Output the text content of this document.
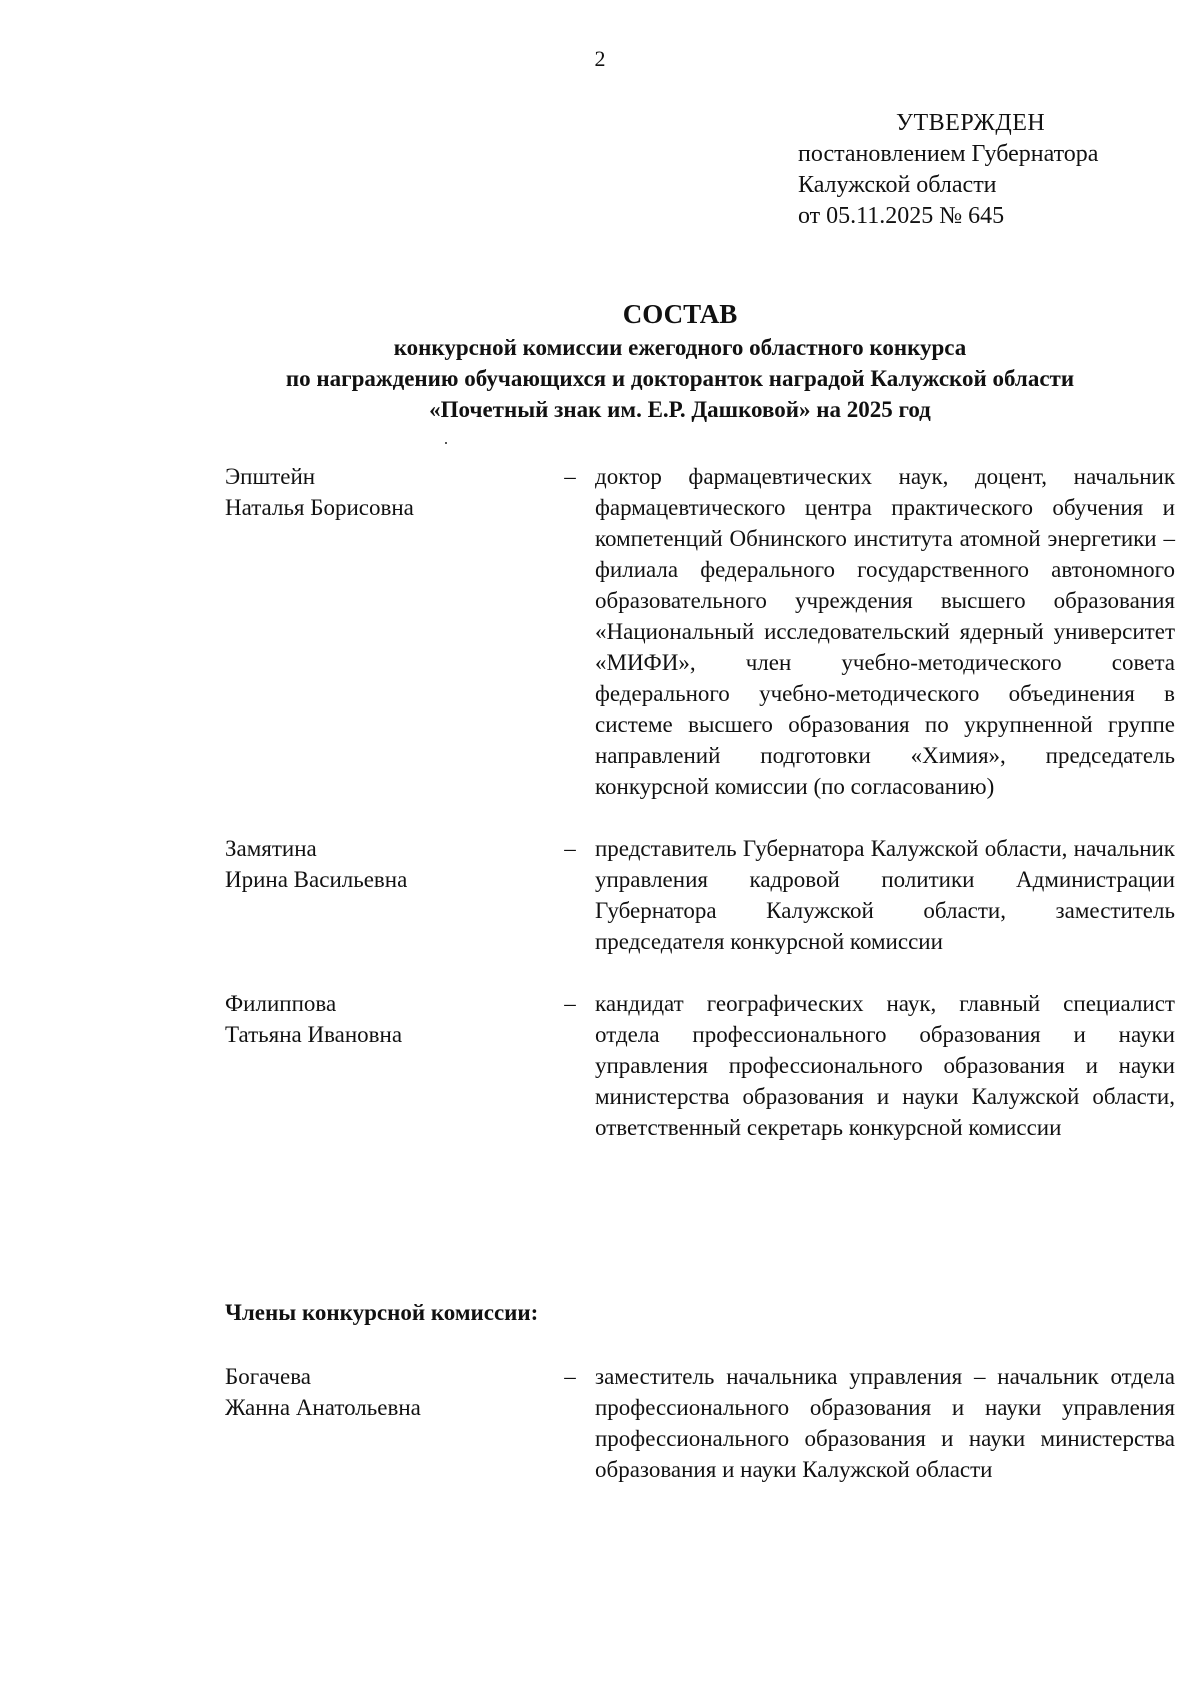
2
УТВЕРЖДЕН
постановлением Губернатора
Калужской области
от 05.11.2025 № 645
СОСТАВ
конкурсной комиссии ежегодного областного конкурса
по награждению обучающихся и докторанток наградой Калужской области
«Почетный знак им. Е.Р. Дашковой» на 2025 год
Эпштейн
Наталья Борисовна
– доктор фармацевтических наук, доцент, начальник фармацевтического центра практического обучения и компетенций Обнинского института атомной энергетики – филиала федерального государственного автономного образовательного учреждения высшего образования «Национальный исследовательский ядерный университет «МИФИ», член учебно-методического совета федерального учебно-методического объединения в системе высшего образования по укрупненной группе направлений подготовки «Химия», председатель конкурсной комиссии (по согласованию)
Замятина
Ирина Васильевна
– представитель Губернатора Калужской области, начальник управления кадровой политики Администрации Губернатора Калужской области, заместитель председателя конкурсной комиссии
Филиппова
Татьяна Ивановна
– кандидат географических наук, главный специалист отдела профессионального образования и науки управления профессионального образования и науки министерства образования и науки Калужской области, ответственный секретарь конкурсной комиссии
Члены конкурсной комиссии:
Богачева
Жанна Анатольевна
– заместитель начальника управления – начальник отдела профессионального образования и науки управления профессионального образования и науки министерства образования и науки Калужской области
